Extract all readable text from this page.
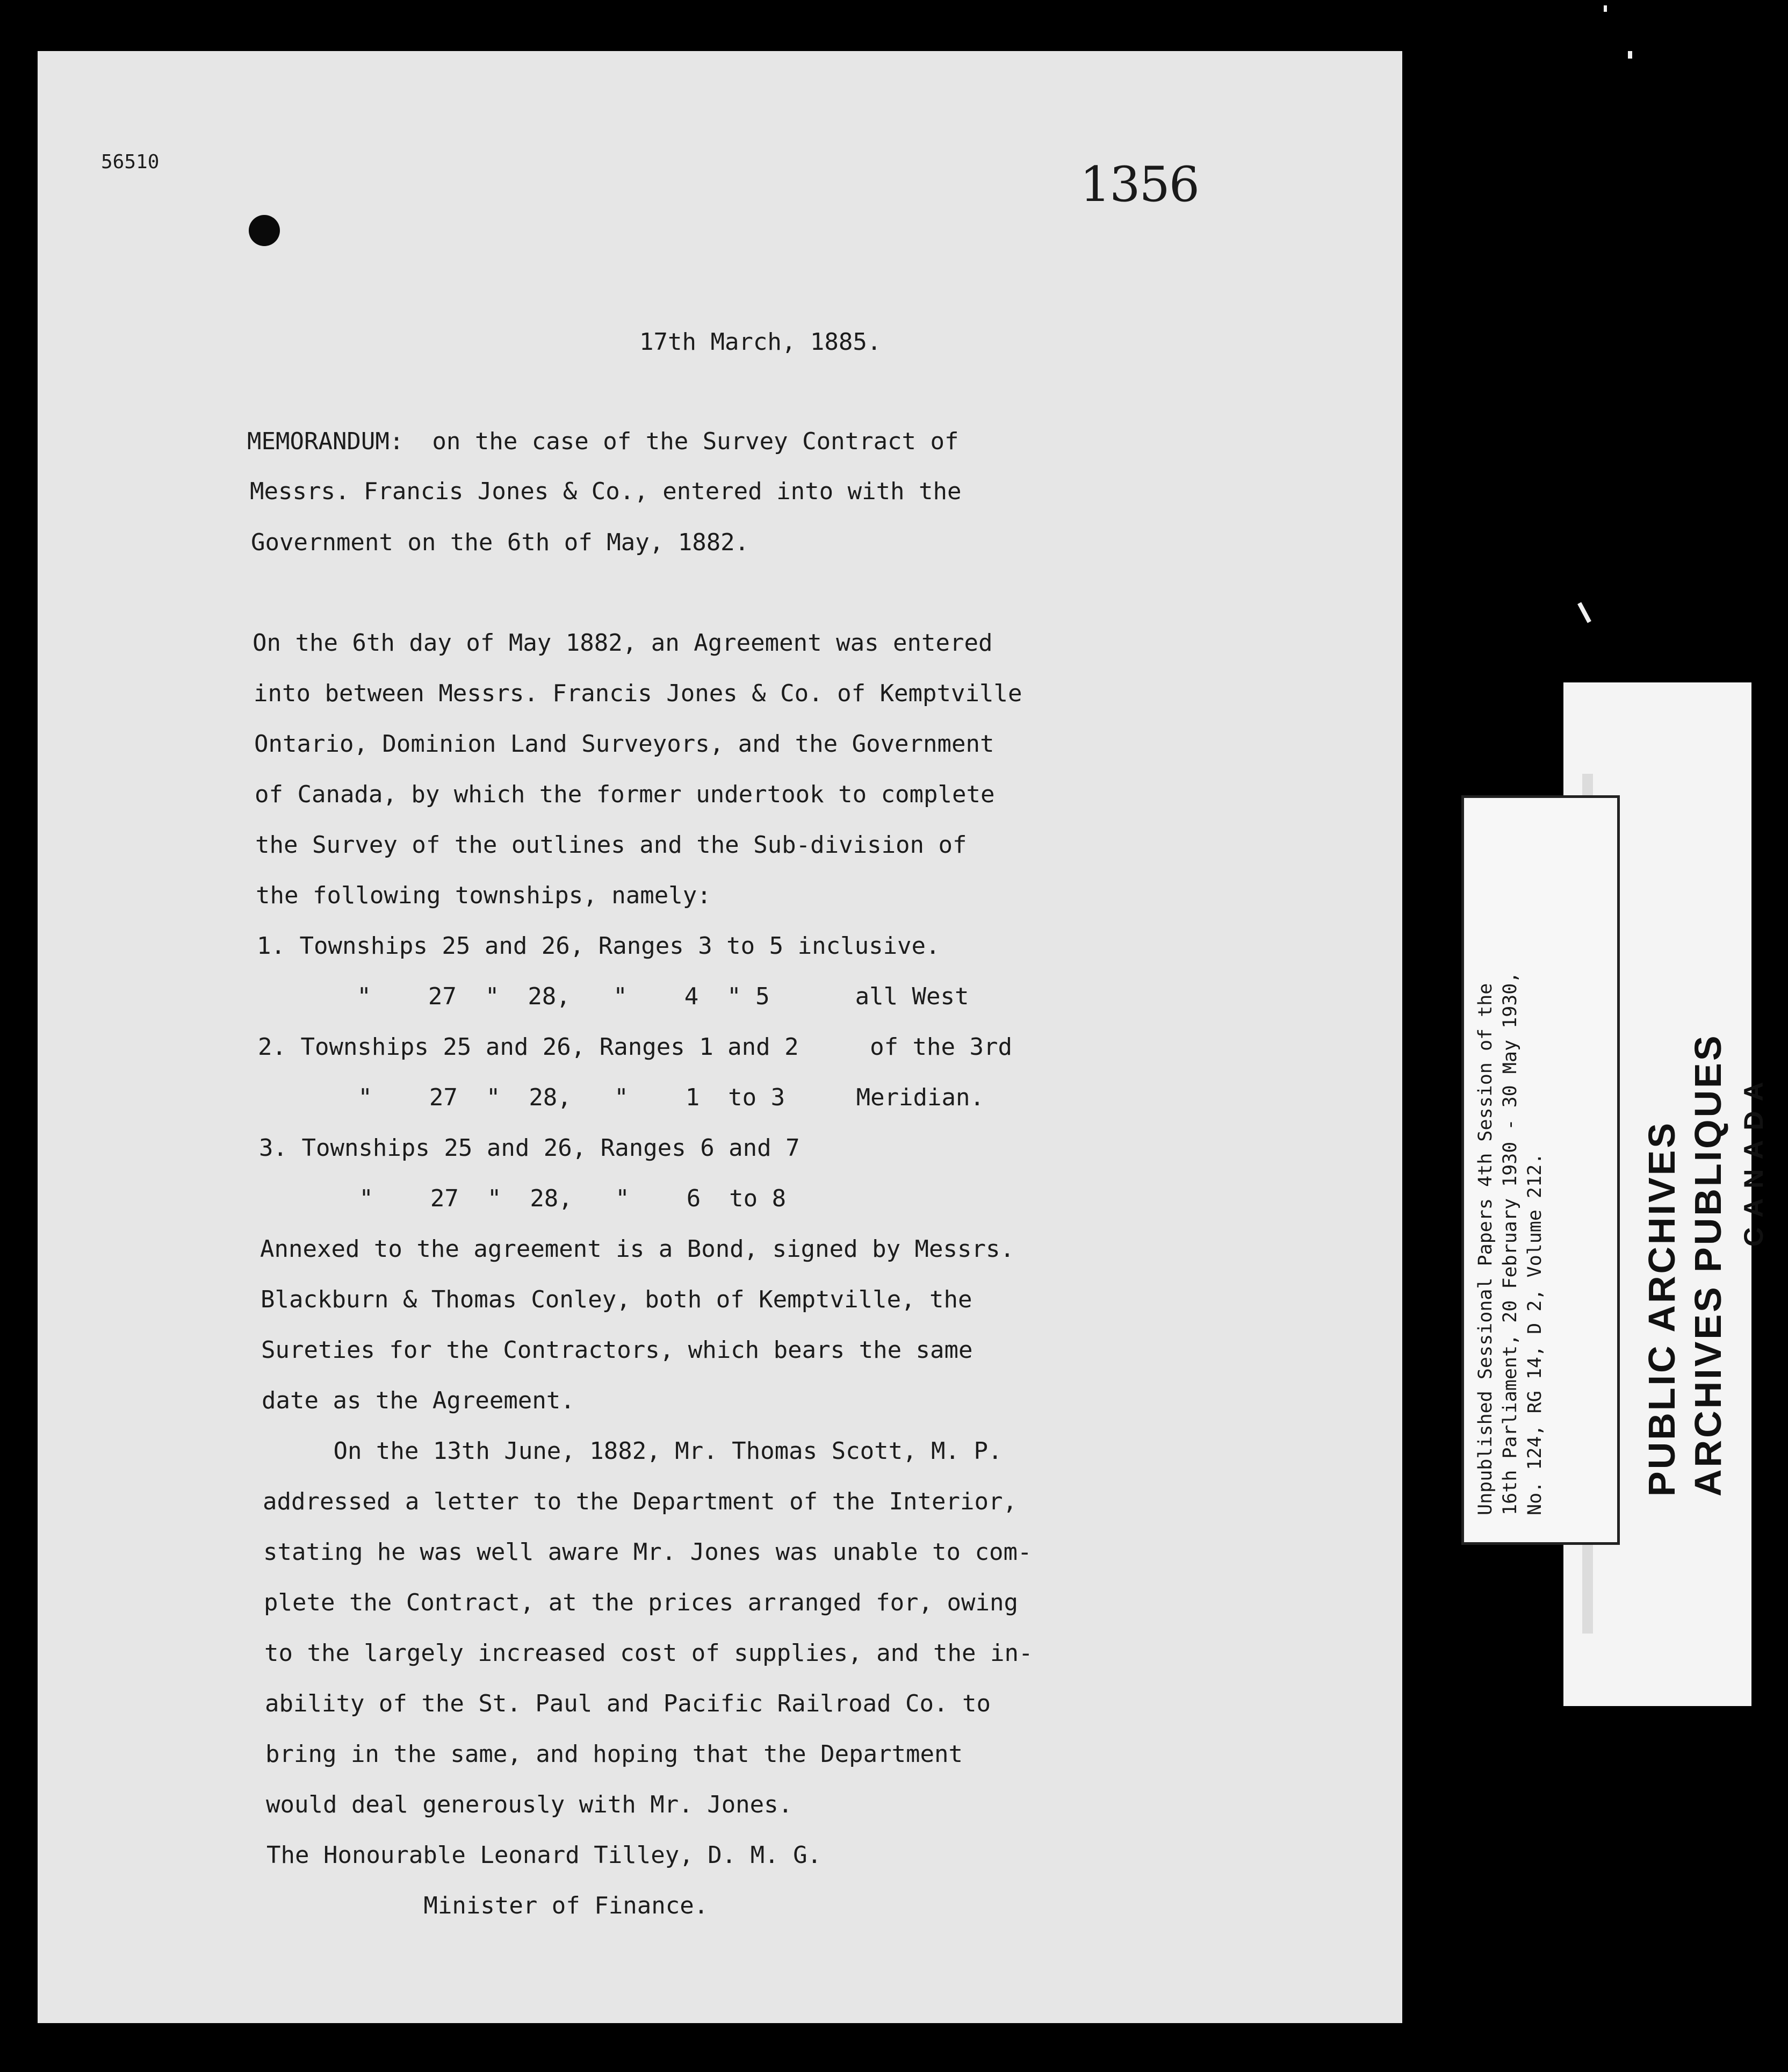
56510	1356
17th March, 1885.
MEMORANDUM:  on the case of the Survey Contract of
Messrs. Francis Jones & Co., entered into with the
Government on the 6th of May, 1882.
On the 6th day of May 1882, an Agreement was entered
into between Messrs. Francis Jones & Co. of Kemptville
Ontario, Dominion Land Surveyors, and the Government
of Canada, by which the former undertook to complete
the Survey of the outlines and the Sub-division of
the following townships, namely:
1. Townships 25 and 26, Ranges 3 to 5 inclusive.
"    27  "  28,   "    4  " 5      all West
2. Townships 25 and 26, Ranges 1 and 2     of the 3rd
"    27  "  28,   "    1  to 3     Meridian.
3. Townships 25 and 26, Ranges 6 and 7
"    27  "  28,   "    6  to 8
Annexed to the agreement is a Bond, signed by Messrs.
Blackburn & Thomas Conley, both of Kemptville, the
Sureties for the Contractors, which bears the same
date as the Agreement.
On the 13th June, 1882, Mr. Thomas Scott, M. P.
addressed a letter to the Department of the Interior,
stating he was well aware Mr. Jones was unable to com-
plete the Contract, at the prices arranged for, owing
to the largely increased cost of supplies, and the in-
ability of the St. Paul and Pacific Railroad Co. to
bring in the same, and hoping that the Department
would deal generously with Mr. Jones.
The Honourable Leonard Tilley, D. M. G.
Minister of Finance.
PUBLIC ARCHIVES ARCHIVES PUBLIQUES CANADA
Unpublished Sessional Papers 4th Session of the 16th Parliament, 20 February 1930 - 30 May 1930, No. 124, RG 14, D 2, Volume 212.
